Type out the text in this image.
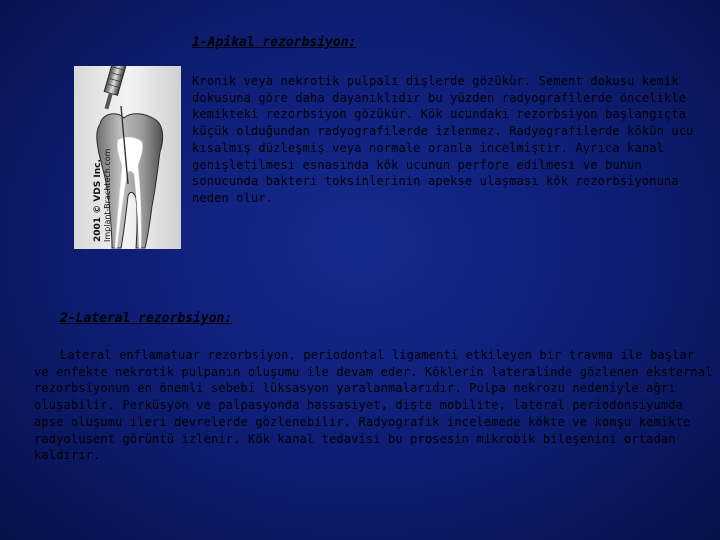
1-Apikal rezorbsiyon:
2001 © VDS Inc. Implant-Brachtech.com

Kronik veya nekrotik pulpalı dişlerde gözükür. Sement dokusu kemik dokusuna göre daha dayanıklıdır bu yüzden radyografilerde öncelikle kemikteki rezorbsiyon gözükür. Kök ucundaki rezorbsiyon başlangıçta küçük olduğundan radyografilerde izlenmez. Radyografilerde kökün ucu kısalmış düzleşmiş veya normale oranla incelmiştir. Ayrıca kanal genişletilmesi esnasında kök ucunun perfore edilmesi ve bunun sonucunda bakteri toksinlerinin apekse ulaşması kök rezorbsiyonuna neden olur.

2-Lateral rezorbsiyon:

Lateral enflamatuar rezorbsiyon, periodontal ligamenti etkileyen bir travma ile başlar ve enfekte nekrotik pulpanın oluşumu ile devam eder. Köklerin lateralinde gözlenen eksternal rezorbsiyonun en önemli sebebi lüksasyon yaralanmalarıdır. Pulpa nekrozu nedeniyle ağrı oluşabilir. Perküsyon ve palpasyonda hassasiyet, dişte mobilite, lateral periodonsiyumda apse oluşumu ileri devrelerde gözlenebilir. Radyografik incelemede kökte ve komşu kemikte radyolusent görüntü izlenir. Kök kanal tedavisi bu prosesin mikrobik bileşenini ortadan kaldırır.
